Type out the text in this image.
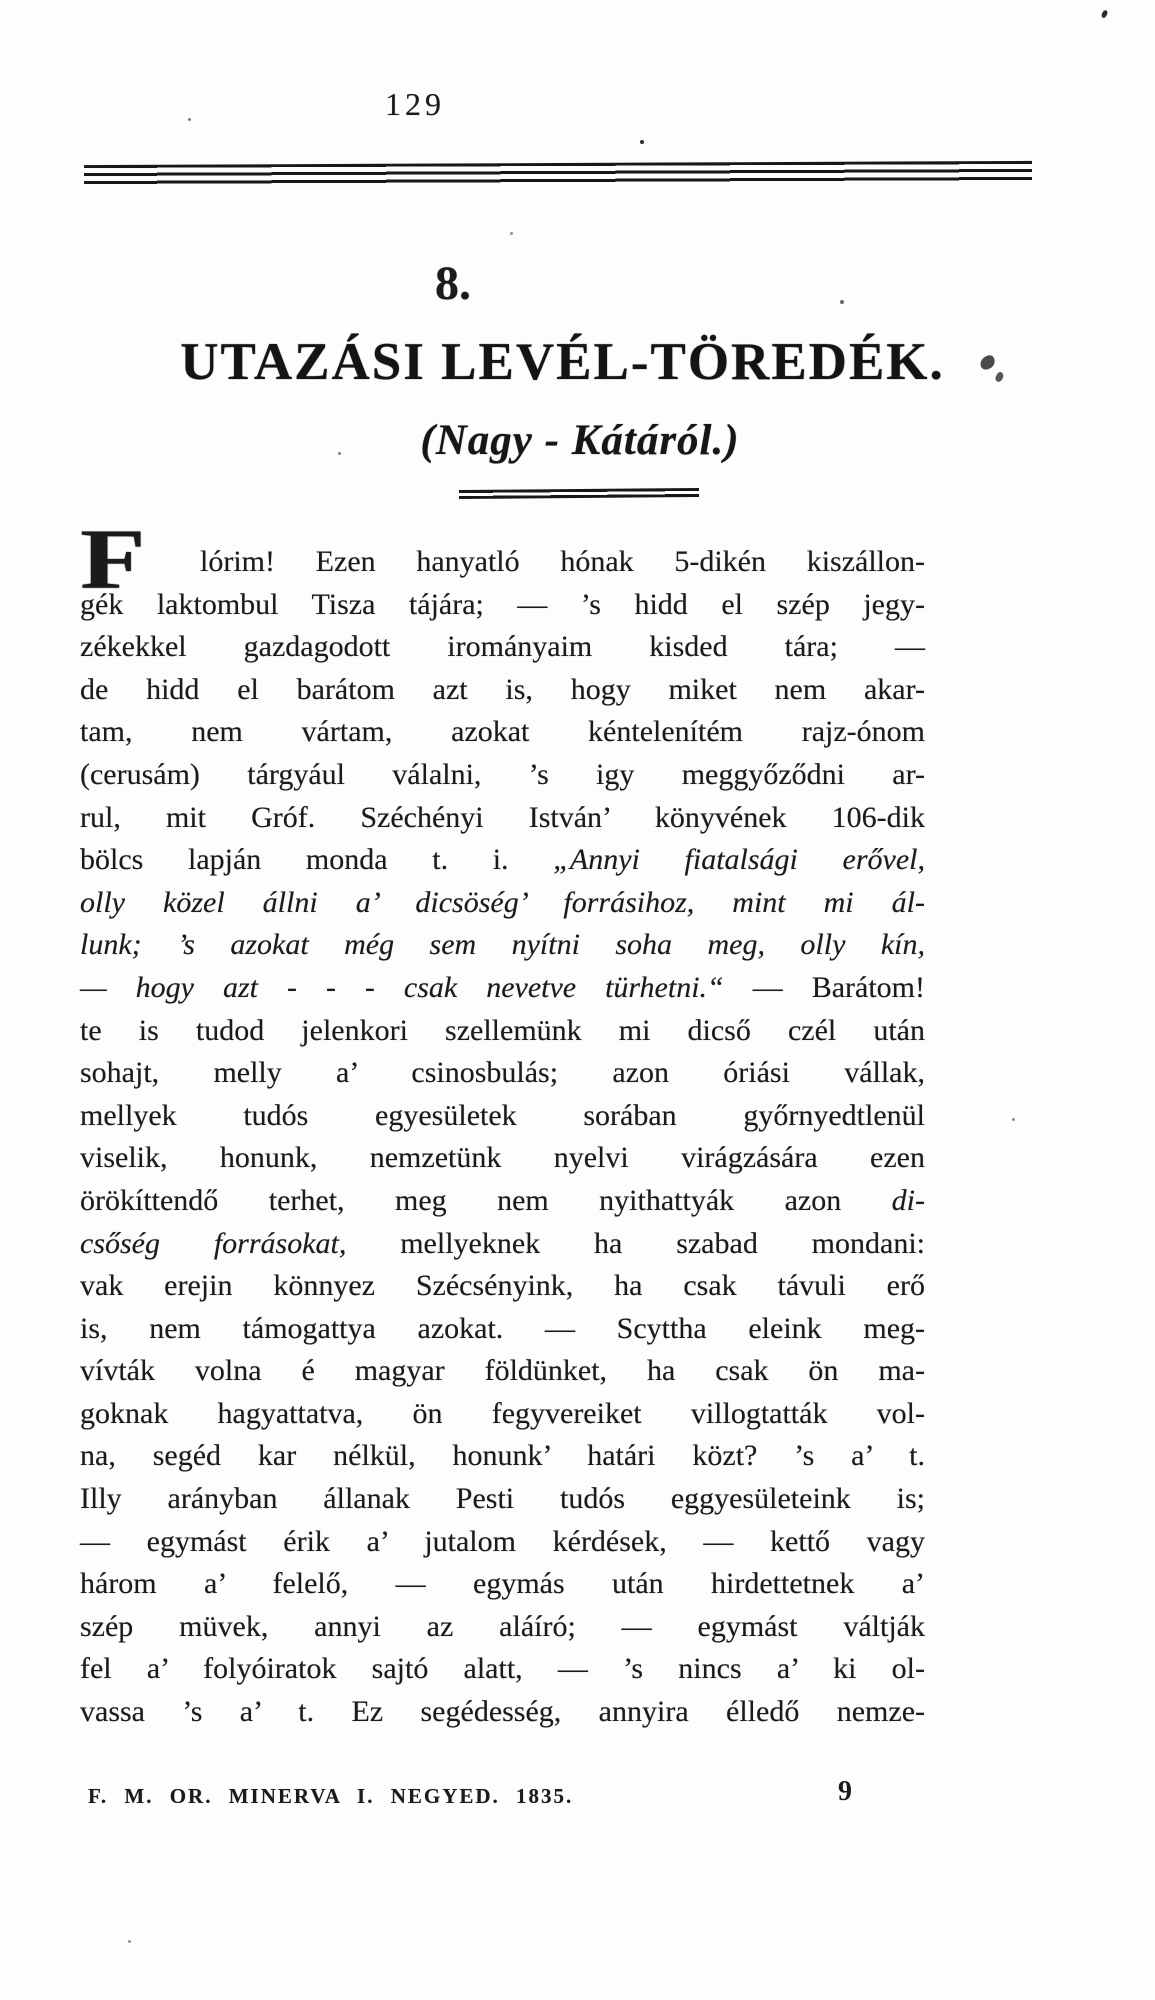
129
8.
UTAZÁSI LEVÉL-TÖREDÉK.
(Nagy - Kátáról.)
F	lórim! Ezen hanyatló hónak 5-dikén kiszállon-
gék laktombul Tisza tájára; — ’s hidd el szép jegy-
zékekkel gazdagodott irományaim kisded tára; —
de hidd el barátom azt is, hogy miket nem akar-
tam, nem vártam, azokat kéntelenítém rajz-ónom
(cerusám) tárgyául válalni, ’s igy meggyőződni ar-
rul, mit Gróf. Széchényi István’ könyvének 106-dik
bölcs lapján monda t. i. „Annyi fiatalsági erővel,
olly közel állni a’ dicsöség’ forrásihoz, mint mi ál-
lunk; ’s azokat még sem nyítni soha meg, olly kín,
— hogy azt - - - csak nevetve türhetni.“ — Barátom!
te is tudod jelenkori szellemünk mi dicső czél után
sohajt, melly a’ csinosbulás; azon óriási vállak,
mellyek tudós egyesületek sorában győrnyedtlenül
viselik, honunk, nemzetünk nyelvi virágzására ezen
örökíttendő terhet, meg nem nyithattyák azon di-
csőség forrásokat, mellyeknek ha szabad mondani:
vak erejin könnyez Szécsényink, ha csak távuli erő
is, nem támogattya azokat. — Scyttha eleink meg-
vívták volna é magyar földünket, ha csak ön ma-
goknak hagyattatva, ön fegyvereiket villogtatták vol-
na, segéd kar nélkül, honunk’ határi közt? ’s a’ t.
Illy arányban állanak Pesti tudós eggyesületeink is;
— egymást érik a’ jutalom kérdések, — kettő vagy
három a’ felelő, — egymás után hirdettetnek a’
szép müvek, annyi az aláíró; — egymást váltják
fel a’ folyóiratok sajtó alatt, — ’s nincs a’ ki ol-
vassa ’s a’ t. Ez segédesség, annyira élledő nemze-
F. M. OR. MINERVA I. NEGYED. 1835.	9
